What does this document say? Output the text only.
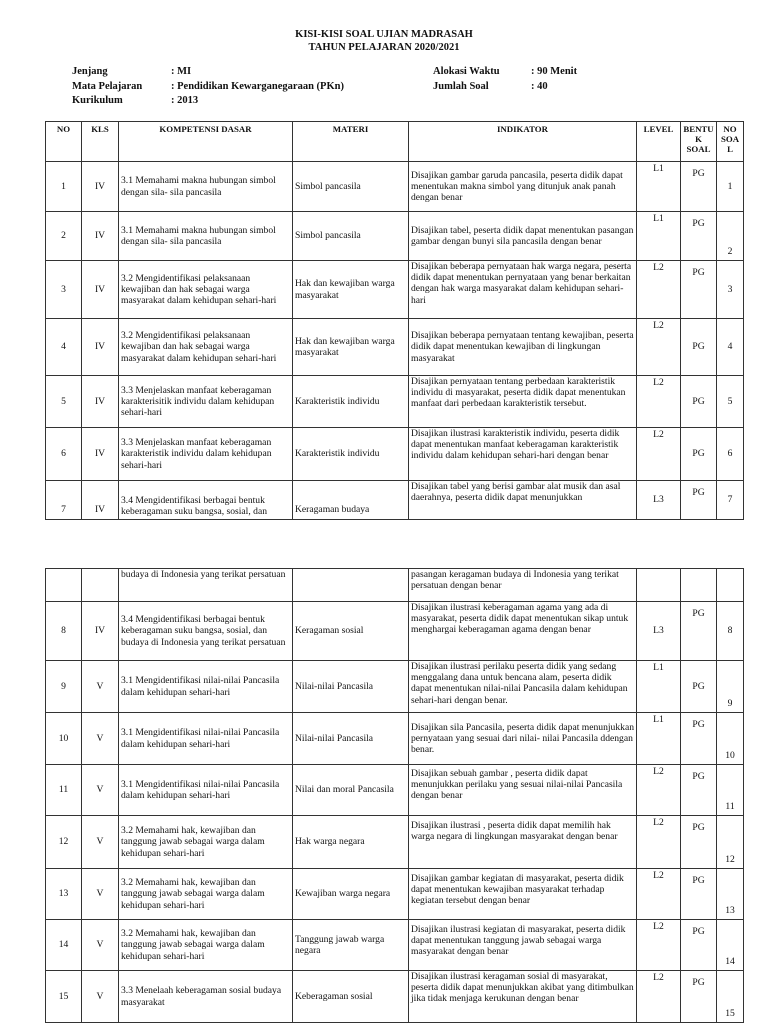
KISI-KISI SOAL UJIAN MADRASAH
TAHUN PELAJARAN 2020/2021
Jenjang	: MI
Mata Pelajaran	: Pendidikan Kewarganegaraan (PKn)
Kurikulum	: 2013
Alokasi Waktu	: 90 Menit
Jumlah Soal	: 40
NO	KLS	KOMPETENSI DASAR	MATERI	INDIKATOR	LEVEL	BENTU K SOAL	NO SOA L
1	IV	3.1 Memahami makna hubungan simbol dengan sila- sila pancasila	Simbol pancasila	Disajikan gambar garuda pancasila, peserta didik dapat menentukan makna simbol yang ditunjuk anak panah dengan benar	L1	PG	1
2	IV	3.1 Memahami makna hubungan simbol dengan sila- sila pancasila	Simbol pancasila	Disajikan tabel, peserta didik dapat menentukan pasangan gambar dengan bunyi sila pancasila dengan benar	L1	PG	2
3	IV	3.2 Mengidentifikasi pelaksanaan kewajiban dan hak sebagai warga masyarakat dalam kehidupan sehari-hari	Hak dan kewajiban warga masyarakat	Disajikan beberapa pernyataan hak warga negara, peserta didik dapat menentukan pernyataan yang benar berkaitan dengan hak warga masyarakat dalam kehidupan sehari-hari	L2	PG	3
4	IV	3.2 Mengidentifikasi pelaksanaan kewajiban dan hak sebagai warga masyarakat dalam kehidupan sehari-hari	Hak dan kewajiban warga masyarakat	Disajikan beberapa pernyataan tentang kewajiban, peserta didik dapat menentukan kewajiban di lingkungan masyarakat	L2	PG	4
5	IV	3.3 Menjelaskan manfaat keberagaman karakterisitik individu dalam kehidupan sehari-hari	Karakteristik individu	Disajikan pernyataan tentang perbedaan karakteristik individu di masyarakat, peserta didik dapat menentukan manfaat dari perbedaan karakteristik tersebut.	L2	PG	5
6	IV	3.3 Menjelaskan manfaat keberagaman karakteristik individu dalam kehidupan sehari-hari	Karakteristik individu	Disajikan ilustrasi karakteristik individu, peserta didik dapat menentukan manfaat keberagaman karakteristik individu dalam kehidupan sehari-hari dengan benar	L2	PG	6
7	IV	3.4 Mengidentifikasi berbagai bentuk keberagaman suku bangsa, sosial, dan	Keragaman budaya	Disajikan tabel yang berisi gambar alat musik dan asal daerahnya, peserta didik dapat menunjukkan	L3	PG	7
		budaya di Indonesia yang terikat persatuan		pasangan keragaman budaya di Indonesia yang terikat persatuan dengan benar			
8	IV	3.4 Mengidentifikasi berbagai bentuk keberagaman suku bangsa, sosial, dan budaya di Indonesia yang terikat persatuan	Keragaman sosial	Disajikan ilustrasi keberagaman agama yang ada di masyarakat, peserta didik dapat menentukan sikap untuk menghargai keberagaman agama dengan benar	L3	PG	8
9	V	3.1 Mengidentifikasi nilai-nilai Pancasila dalam kehidupan sehari-hari	Nilai-nilai Pancasila	Disajikan ilustrasi perilaku peserta didik yang sedang menggalang dana untuk bencana alam, peserta didik dapat menentukan nilai-nilai Pancasila dalam kehidupan sehari-hari dengan benar.	L1	PG	9
10	V	3.1 Mengidentifikasi nilai-nilai Pancasila dalam kehidupan sehari-hari	Nilai-nilai Pancasila	Disajikan sila Pancasila, peserta didik dapat menunjukkan pernyataan yang sesuai dari nilai- nilai Pancasila ddengan benar.	L1	PG	10
11	V	3.1 Mengidentifikasi nilai-nilai Pancasila dalam kehidupan sehari-hari	Nilai dan moral Pancasila	Disajikan sebuah gambar , peserta didik dapat menunjukkan perilaku yang sesuai nilai-nilai Pancasila dengan benar	L2	PG	11
12	V	3.2 Memahami hak, kewajiban dan tanggung jawab sebagai warga dalam kehidupan sehari-hari	Hak warga negara	Disajikan ilustrasi , peserta didik dapat memilih hak warga negara di lingkungan masyarakat dengan benar	L2	PG	12
13	V	3.2 Memahami hak, kewajiban dan tanggung jawab sebagai warga dalam kehidupan sehari-hari	Kewajiban warga negara	Disajikan gambar kegiatan di masyarakat, peserta didik dapat menentukan kewajiban masyarakat terhadap kegiatan tersebut dengan benar	L2	PG	13
14	V	3.2 Memahami hak, kewajiban dan tanggung jawab sebagai warga dalam kehidupan sehari-hari	Tanggung jawab warga negara	Disajikan ilustrasi kegiatan di masyarakat, peserta didik dapat menentukan tanggung jawab sebagai warga masyarakat dengan benar	L2	PG	14
15	V	3.3 Menelaah keberagaman sosial budaya masyarakat	Keberagaman sosial	Disajikan ilustrasi keragaman sosial di masyarakat, peserta didik dapat menunjukkan akibat yang ditimbulkan jika tidak menjaga kerukunan dengan benar	L2	PG	15
